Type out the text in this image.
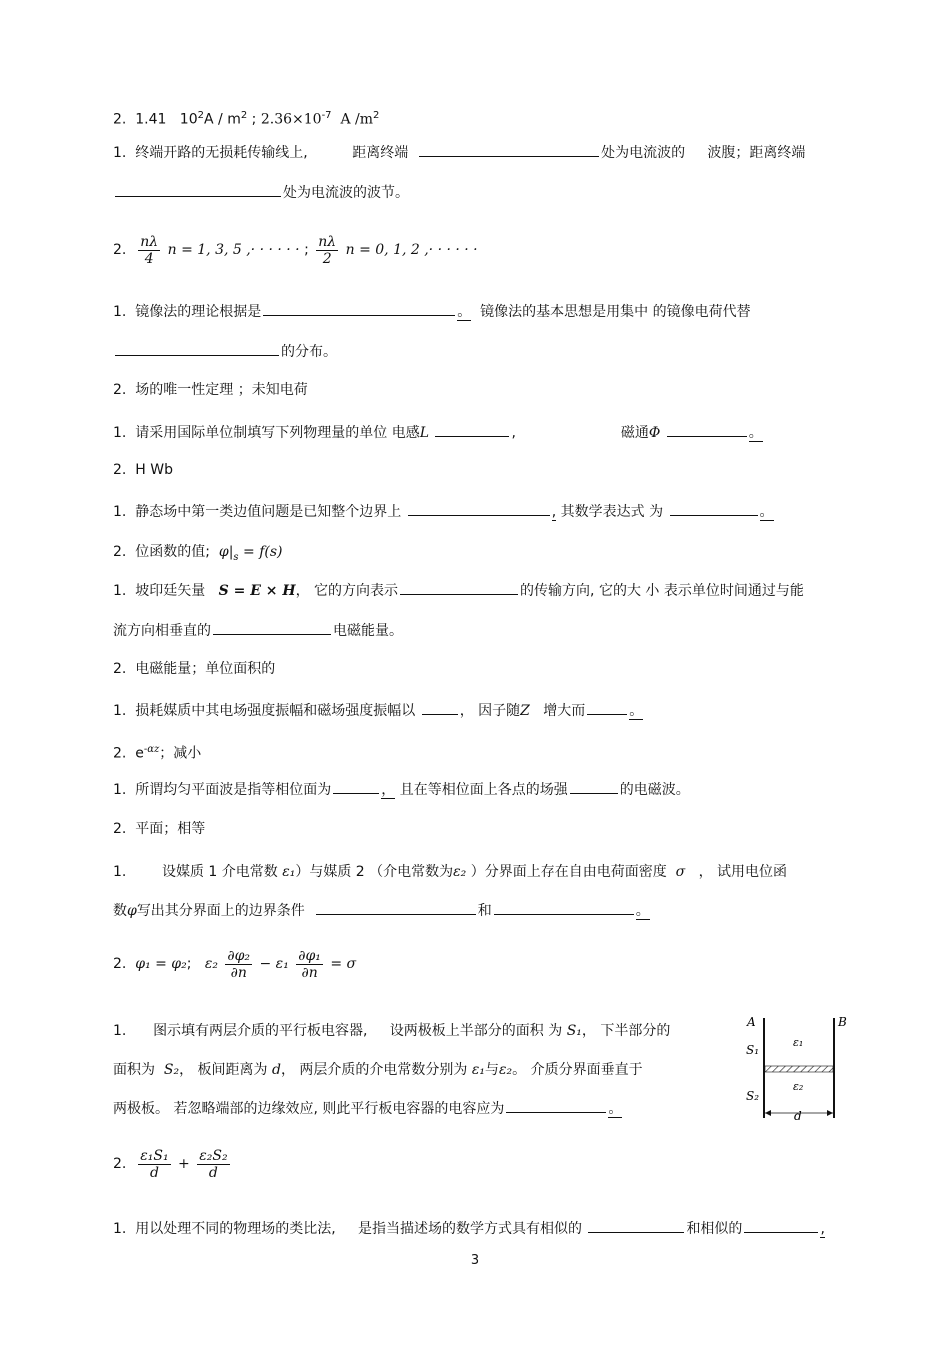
2. 1.41 $10^2A / m^2$ ; $2.36\times 10^{-7}$ A $/m^2$
1. 终端开路的无损耗传输线上,	距离终端	处为电流波的 波腹；距离终端
处为电流波的波节。
2. $\frac{n\lambda}{4}$ n = 1, 3, 5 ,· · · · · · ; $\frac{n\lambda}{2}$ n = 0, 1, 2 ,· · · · · ·
1. 镜像法的理论根据是	。 镜像法的基本思想是用集中 的镜像电荷代替
的分布。
2. 场的唯一性定理 ；未知电荷
1. 请采用国际单位制填写下列物理量的单位 电感L	,	磁通Φ	。
2. H Wb
1. 静态场中第一类边值问题是已知整个边界上	, 其数学表达式 为	。
2. 位函数的值; $\varphi|_s = f(s)$
1. 坡印廷矢量 S = E × H， 它的方向表示	的传输方向, 它的大 小 表示单位时间通过与能
流方向相垂直的	电磁能量。
2. 电磁能量；单位面积的
1. 损耗媒质中其电场强度振幅和磁场强度振幅以	， 因子随Z 增大而	。
2. $e^{-\alpha z}$；减小
1. 所谓均匀平面波是指等相位面为	， 且在等相位面上各点的场强	的电磁波。
2. 平面；相等
1.	设媒质 1 介电常数 ε₁）与媒质 2 （介电常数为ε₂ ）分界面上存在自由电荷面密度 σ ， 试用电位函
数φ写出其分界面上的边界条件	和	。
2. φ₁ = φ₂; $\varepsilon_2 \frac{\text{∂φ₂}}{\partial n} - \varepsilon_1 \frac{\text{∂φ₁}}{\partial n} = \sigma$
1. 图示填有两层介质的平行板电容器, 设两极板上半部分的面积 为 S₁， 下半部分的
面积为 S₂， 板间距离为 d， 两层介质的介电常数分别为 ε₁与ε₂。 介质分界面垂直于
两极板。 若忽略端部的边缘效应, 则此平行板电容器的电容应为	。
A	B
S₁
S₂
ε₁
ε₂
d
2. $\frac{\text{ε₁S₁}}{d} + \frac{\text{ε₂S₂}}{d}$
1. 用以处理不同的物理场的类比法, 是指当描述场的数学方式具有相似的	和相似的	,
3
